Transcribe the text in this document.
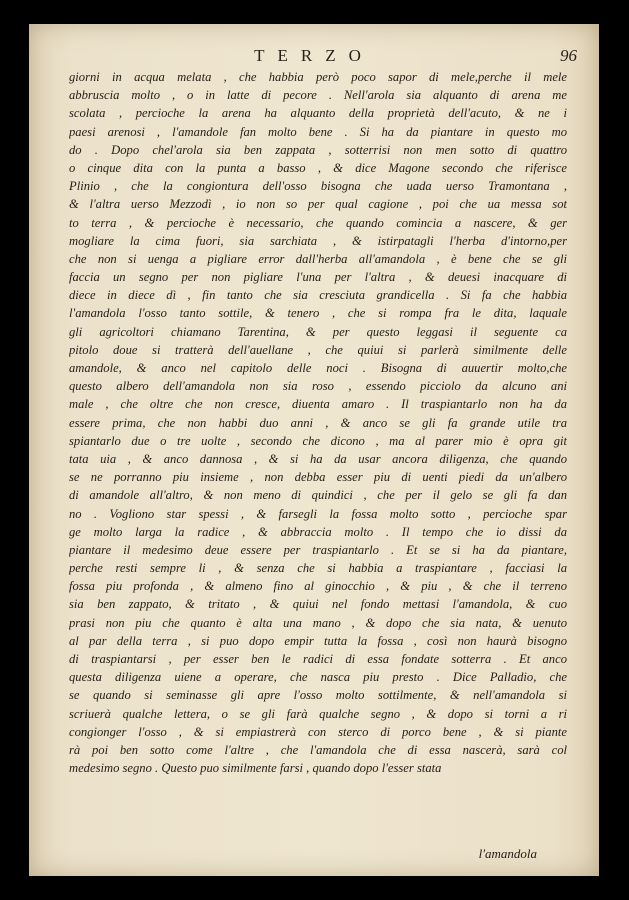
TERZO	96
giorni in acqua melata , che habbia però poco sapor di mele,perche il mele
abbruscia molto , o in latte di pecore . Nell'arola sia alquanto di arena me
scolata , percioche la arena ha alquanto della proprietà dell'acuto, & ne i
paesi arenosi , l'amandole fan molto bene . Si ha da piantare in questo mo
do . Dopo chel'arola sia ben zappata , sotterrisi non men sotto di quattro
o cinque dita con la punta a basso , & dice Magone secondo che riferisce
Plinio , che la congiontura dell'osso bisogna che uada uerso Tramontana ,
& l'altra uerso Mezzodì , io non so per qual cagione , poi che ua messa sot
to terra , & percioche è necessario, che quando comincia a nascere, & ger
mogliare la cima fuori, sia sarchiata , & istirpatagli l'herba d'intorno,per
che non si uenga a pigliare error dall'herba all'amandola , è bene che se gli
faccia un segno per non pigliare l'una per l'altra , & deuesi inacquare di
diece in diece dì , fin tanto che sia cresciuta grandicella . Si fa che habbia
l'amandola l'osso tanto sottile, & tenero , che si rompa fra le dita, laquale
gli agricoltori chiamano Tarentina, & per questo leggasi il seguente ca
pitolo doue si tratterà dell'auellane , che quiui si parlerà similmente delle
amandole, & anco nel capitolo delle noci . Bisogna di auuertir molto,che
questo albero dell'amandola non sia roso , essendo picciolo da alcuno ani
male , che oltre che non cresce, diuenta amaro . Il traspiantarlo non ha da
essere prima, che non habbi duo anni , & anco se gli fa grande utile tra
spiantarlo due o tre uolte , secondo che dicono , ma al parer mio è opra git
tata uia , & anco dannosa , & si ha da usar ancora diligenza, che quando
se ne porranno piu insieme , non debba esser piu di uenti piedi da un'albero
di amandole all'altro, & non meno di quindici , che per il gelo se gli fa dan
no . Vogliono star spessi , & farsegli la fossa molto sotto , percioche spar
ge molto larga la radice , & abbraccia molto . Il tempo che io dissi da
piantare il medesimo deue essere per traspiantarlo . Et se si ha da piantare,
perche resti sempre li , & senza che si habbia a traspiantare , facciasi la
fossa piu profonda , & almeno fino al ginocchio , & piu , & che il terreno
sia ben zappato, & tritato , & quiui nel fondo mettasi l'amandola, & cuo
prasi non piu che quanto è alta una mano , & dopo che sia nata, & uenuto
al par della terra , si puo dopo empir tutta la fossa , così non haurà bisogno
di traspiantarsi , per esser ben le radici di essa fondate sotterra . Et anco
questa diligenza uiene a operare, che nasca piu presto . Dice Palladio, che
se quando si seminasse gli apre l'osso molto sottilmente, & nell'amandola si
scriuerà qualche lettera, o se gli farà qualche segno , & dopo si torni a ri
congionger l'osso , & si empiastrerà con sterco di porco bene , & si piante
rà poi ben sotto come l'altre , che l'amandola che di essa nascerà, sarà col
medesimo segno . Questo puo similmente farsi , quando dopo l'esser stata
l'amandola
